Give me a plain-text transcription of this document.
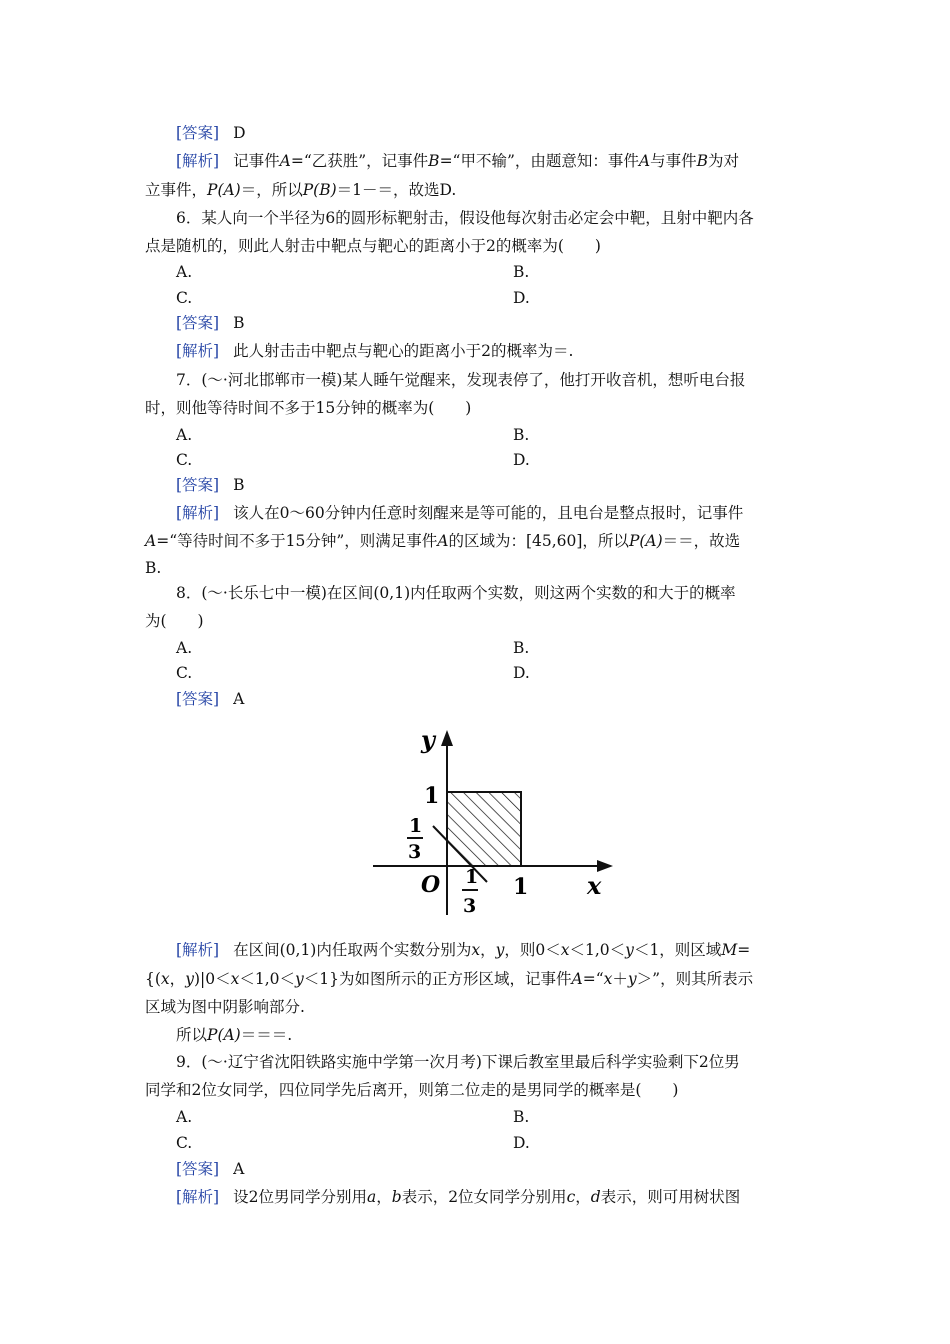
[答案] D
[解析] 记事件A=“乙获胜”，记事件B=“甲不输”，由题意知：事件A与事件B为对
立事件，P(A)＝，所以P(B)＝1－＝，故选D.
6．某人向一个半径为6的圆形标靶射击，假设他每次射击必定会中靶，且射中靶内各
点是随机的，则此人射击中靶点与靶心的距离小于2的概率为(　　)
A.	B.
C.	D.
[答案] B
[解析] 此人射击击中靶点与靶心的距离小于2的概率为＝.
7．(～·河北邯郸市一模)某人睡午觉醒来，发现表停了，他打开收音机，想听电台报
时，则他等待时间不多于15分钟的概率为(　　)
A.	B.
C.	D.
[答案] B
[解析] 该人在0～60分钟内任意时刻醒来是等可能的，且电台是整点报时，记事件
A=“等待时间不多于15分钟”，则满足事件A的区域为：[45,60]，所以P(A)＝＝，故选
B.
8．(～·长乐七中一模)在区间(0,1)内任取两个实数，则这两个实数的和大于的概率
为(　　)
A.	B.
C.	D.
[答案] A
y
x
O
1
1
1
3
1
3
[解析] 在区间(0,1)内任取两个实数分别为x，y，则0＜x＜1,0＜y＜1，则区域M=
{(x，y)|0＜x＜1,0＜y＜1}为如图所示的正方形区域，记事件A=“x＋y＞”，则其所表示
区域为图中阴影响部分.
所以P(A)＝＝＝.
9．(～·辽宁省沈阳铁路实施中学第一次月考)下课后教室里最后科学实验剩下2位男
同学和2位女同学，四位同学先后离开，则第二位走的是男同学的概率是(　　)
A.	B.
C.	D.
[答案] A
[解析] 设2位男同学分别用a，b表示，2位女同学分别用c，d表示，则可用树状图
